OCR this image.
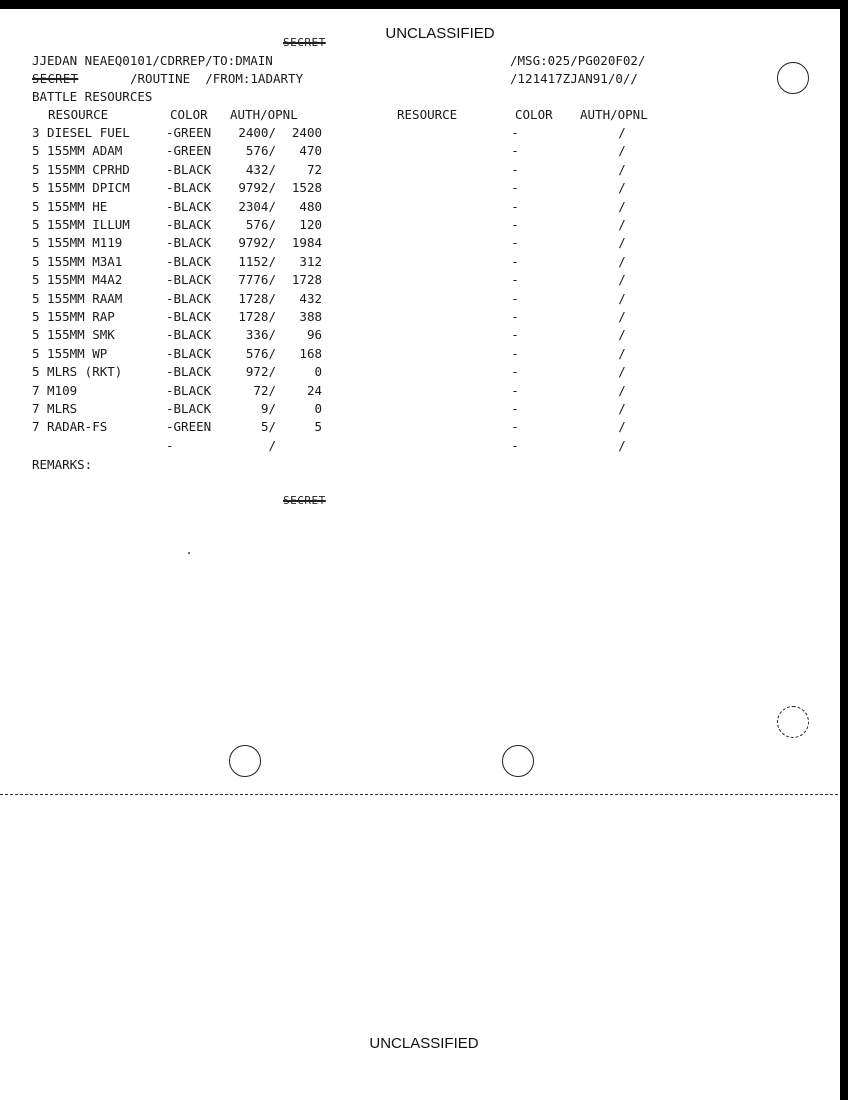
UNCLASSIFIED
SECRET
JJEDAN NEAEQ0101/CDRREP/TO:DMAIN	/MSG:025/PG020F02/
SECRET	/ROUTINE  /FROM:1ADARTY	/121417ZJAN91/0//
BATTLE RESOURCES
RESOURCE	COLOR AUTH/OPNL	RESOURCE	COLOR AUTH/OPNL
3 DIESEL FUEL	-GREEN	2400/	2400	-	/
5 155MM ADAM	-GREEN	576/	470	-	/
5 155MM CPRHD	-BLACK	432/	72	-	/
5 155MM DPICM	-BLACK	9792/	1528	-	/
5 155MM HE	-BLACK	2304/	480	-	/
5 155MM ILLUM	-BLACK	576/	120	-	/
5 155MM M119	-BLACK	9792/	1984	-	/
5 155MM M3A1	-BLACK	1152/	312	-	/
5 155MM M4A2	-BLACK	7776/	1728	-	/
5 155MM RAAM	-BLACK	1728/	432	-	/
5 155MM RAP	-BLACK	1728/	388	-	/
5 155MM SMK	-BLACK	336/	96	-	/
5 155MM WP	-BLACK	576/	168	-	/
5 MLRS (RKT)	-BLACK	972/	0	-	/
7 M109	-BLACK	72/	24	-	/
7 MLRS	-BLACK	9/	0	-	/
7 RADAR-FS	-GREEN	5/	5	-	/
-	/	-	/
REMARKS:
SECRET
UNCLASSIFIED
